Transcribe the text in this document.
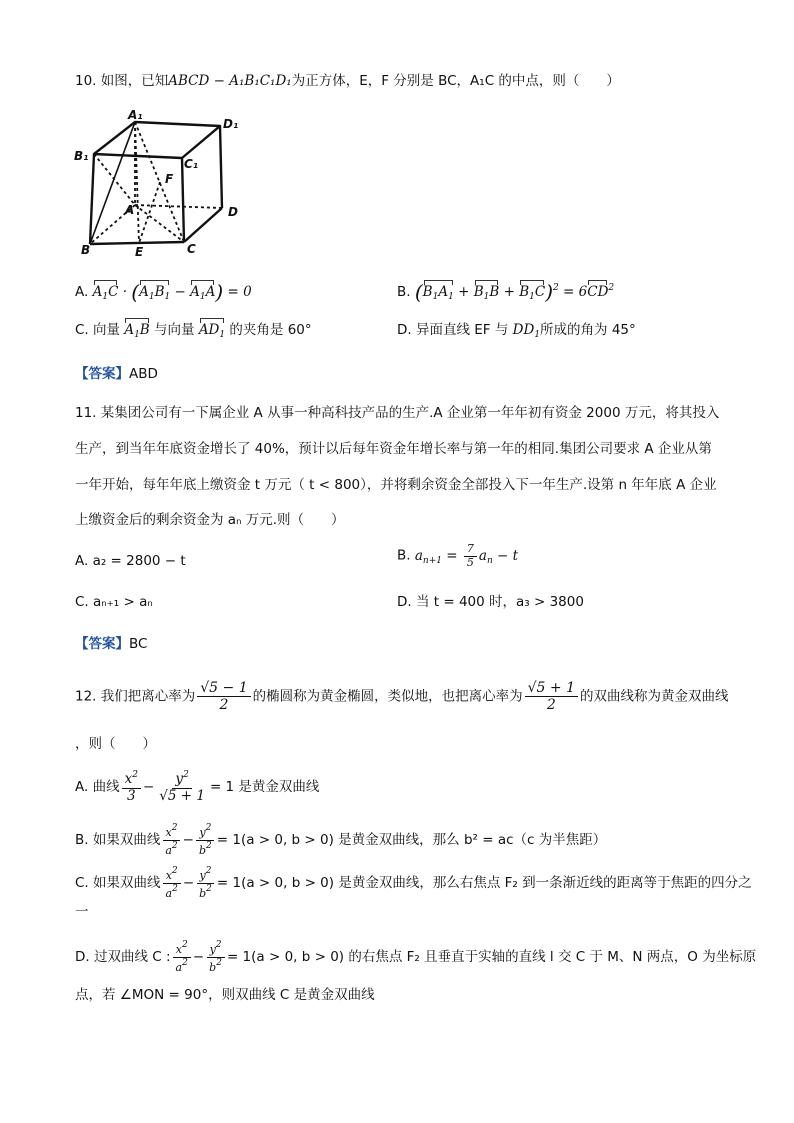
10. 如图，已知ABCD − A₁B₁C₁D₁为正方体，E，F 分别是 BC，A₁C 的中点，则（　　）
A₁
D₁
B₁
C₁
F
A	D
B	E	C
A. $A_1C \cdot (A_1B_1 - A_1A) = 0$	B. $(B_1A_1 + B_1B + B_1C)^2 = 6CD^2$
C. 向量 $A_1B$ 与向量 $AD_1$ 的夹角是 60°	D. 异面直线 EF 与 $DD_1$所成的角为 45°
【答案】ABD
11. 某集团公司有一下属企业 A 从事一种高科技产品的生产.A 企业第一年年初有资金 2000 万元，将其投入
生产，到当年年底资金增长了 40%，预计以后每年资金年增长率与第一年的相同.集团公司要求 A 企业从第
一年开始，每年年底上缴资金 t 万元（ t < 800），并将剩余资金全部投入下一年生产.设第 n 年年底 A 企业
上缴资金后的剩余资金为 aₙ 万元.则（　　）
A. a₂ = 2800 − t	B. $a_{n+1} = \frac{7}{5} a_n - t$
C. aₙ₊₁ > aₙ	D. 当 t = 400 时，a₃ > 3800
【答案】BC
12. 我们把离心率为 $\frac{√5 - 1}{2}$ 的椭圆称为黄金椭圆，类似地，也把离心率为 $\frac{√5 + 1}{2}$ 的双曲线称为黄金双曲线
，则（　　）
A. 曲线 $\frac{x^2}{3} - \frac{y^2}{√5 + 1} = 1$ 是黄金双曲线
B. 如果双曲线 $\frac{x^2}{a^2} - \frac{y^2}{b^2} = 1(a > 0$, b > 0) 是黄金双曲线，那么 b² = ac（c 为半焦距）
C. 如果双曲线 $\frac{x^2}{a^2} - \frac{y^2}{b^2} = 1(a > 0$, b > 0) 是黄金双曲线，那么右焦点 F₂ 到一条渐近线的距离等于焦距的四分之
一
D. 过双曲线 C : $\frac{x^2}{a^2} - \frac{y^2}{b^2} = 1(a > 0$, b > 0) 的右焦点 F₂ 且垂直于实轴的直线 l 交 C 于 M、N 两点，O 为坐标原
点，若 ∠MON = 90°，则双曲线 C 是黄金双曲线
